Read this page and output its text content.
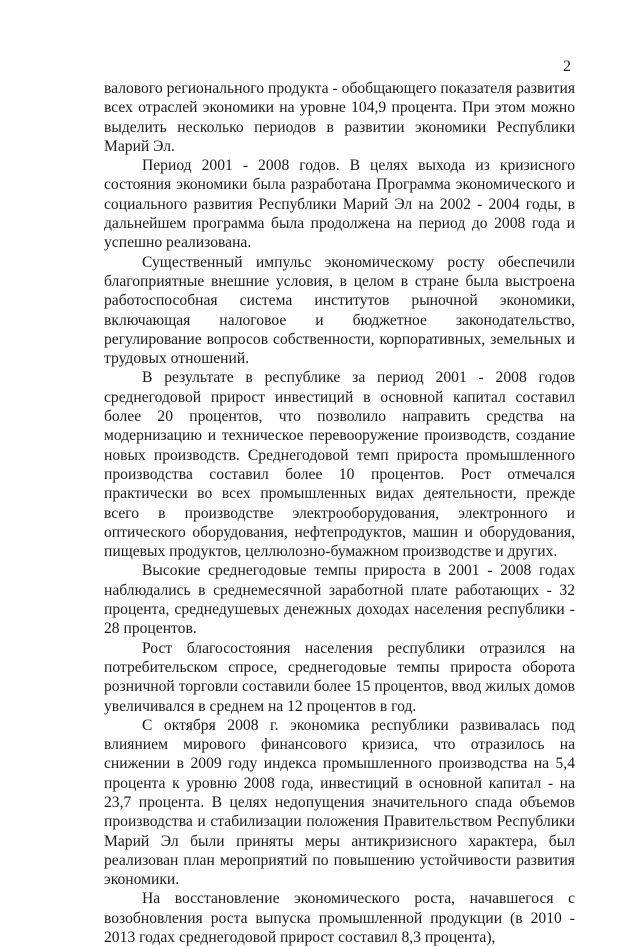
2

валового регионального продукта - обобщающего показателя развития всех отраслей экономики на уровне 104,9 процента. При этом можно выделить несколько периодов в развитии экономики Республики Марий Эл.

Период 2001 - 2008 годов. В целях выхода из кризисного состояния экономики была разработана Программа экономического и социального развития Республики Марий Эл на 2002 - 2004 годы, в дальнейшем программа была продолжена на период до 2008 года и успешно реализована.

Существенный импульс экономическому росту обеспечили благоприятные внешние условия, в целом в стране была выстроена работоспособная система институтов рыночной экономики, включающая налоговое и бюджетное законодательство, регулирование вопросов собственности, корпоративных, земельных и трудовых отношений.

В результате в республике за период 2001 - 2008 годов среднегодовой прирост инвестиций в основной капитал составил более 20 процентов, что позволило направить средства на модернизацию и техническое перевооружение производств, создание новых производств. Среднегодовой темп прироста промышленного производства составил более 10 процентов. Рост отмечался практически во всех промышленных видах деятельности, прежде всего в производстве электрооборудования, электронного и оптического оборудования, нефтепродуктов, машин и оборудования, пищевых продуктов, целлюлозно-бумажном производстве и других.

Высокие среднегодовые темпы прироста в 2001 - 2008 годах наблюдались в среднемесячной заработной плате работающих - 32 процента, среднедушевых денежных доходах населения республики - 28 процентов.

Рост благосостояния населения республики отразился на потребительском спросе, среднегодовые темпы прироста оборота розничной торговли составили более 15 процентов, ввод жилых домов увеличивался в среднем на 12 процентов в год.

С октября 2008 г. экономика республики развивалась под влиянием мирового финансового кризиса, что отразилось на снижении в 2009 году индекса промышленного производства на 5,4 процента к уровню 2008 года, инвестиций в основной капитал - на 23,7 процента. В целях недопущения значительного спада объемов производства и стабилизации положения Правительством Республики Марий Эл были приняты меры антикризисного характера, был реализован план мероприятий по повышению устойчивости развития экономики.

На восстановление экономического роста, начавшегося с возобновления роста выпуска промышленной продукции (в 2010 - 2013 годах среднегодовой прирост составил 8,3 процента),
